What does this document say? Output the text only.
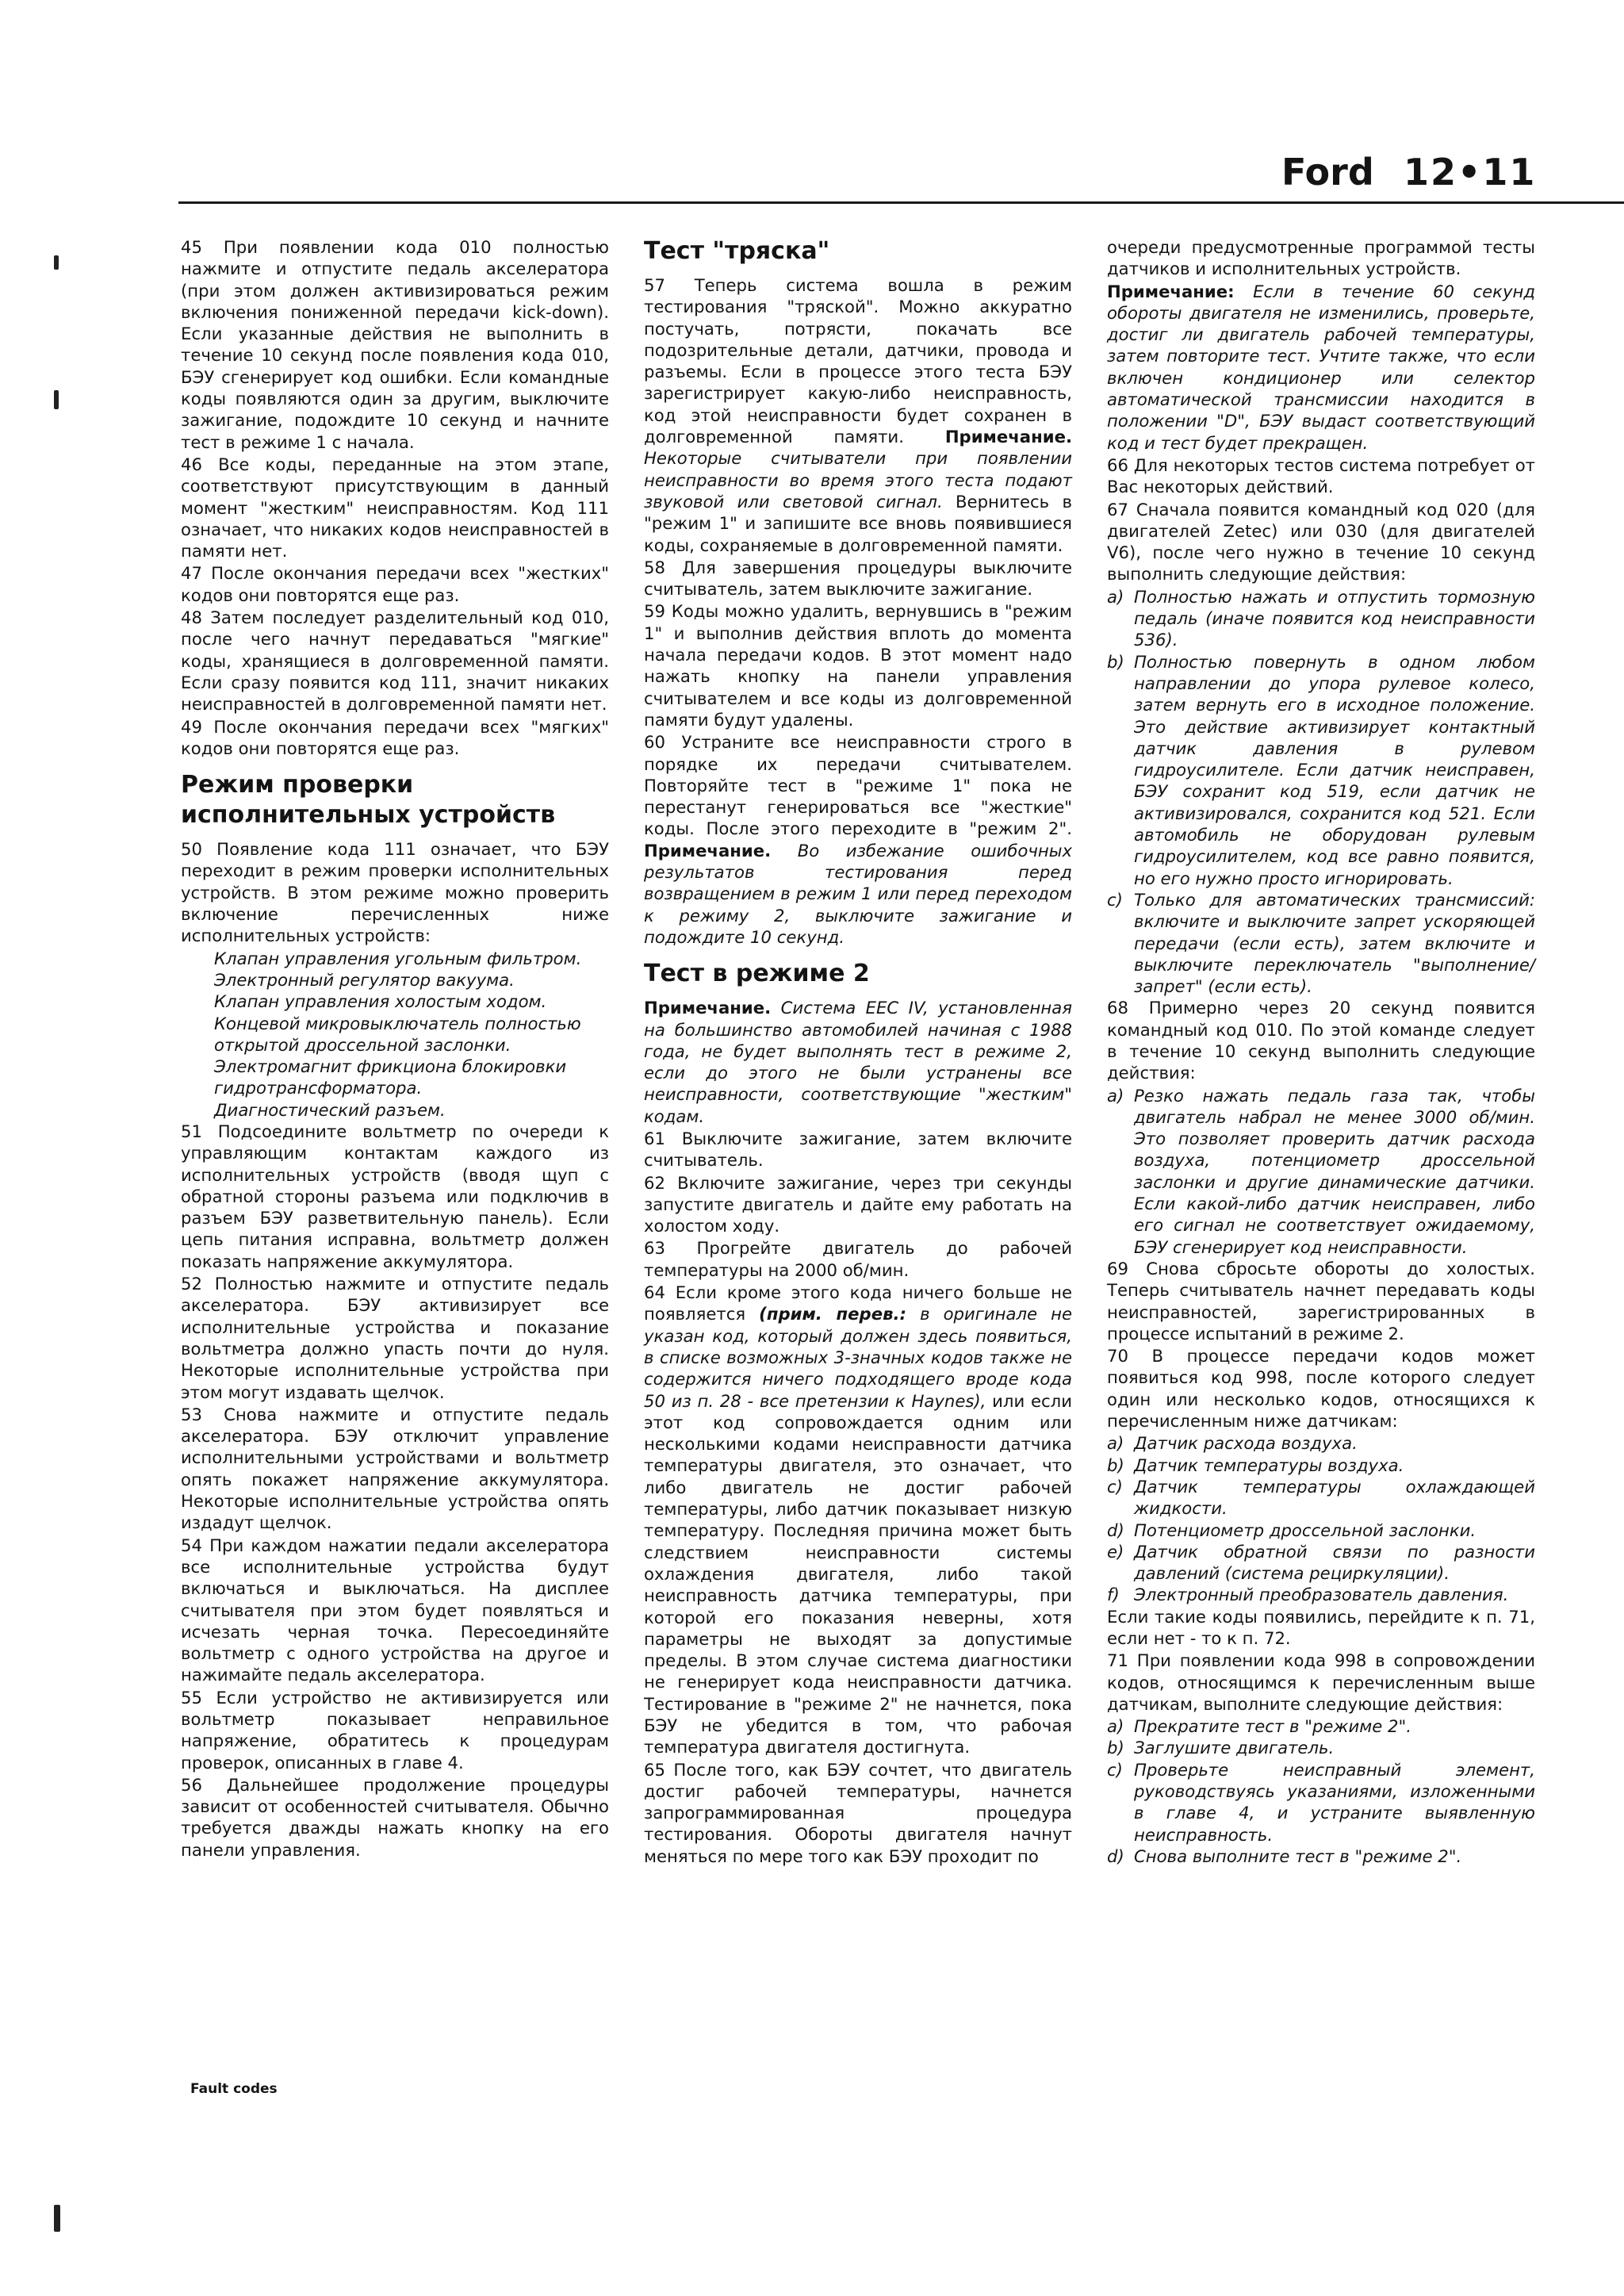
Ford 12•11

45 При появлении кода 010 полностью нажмите и отпустите педаль акселератора (при этом должен активизироваться режим включения пониженной передачи kick-down). Если указанные действия не выполнить в течение 10 секунд после появления кода 010, БЭУ сгенерирует код ошибки. Если командные коды появляются один за другим, выключите зажигание, подождите 10 секунд и начните тест в режиме 1 с начала.

46 Все коды, переданные на этом этапе, соответствуют присутствующим в данный момент "жестким" неисправностям. Код 111 означает, что никаких кодов неисправностей в памяти нет.

47 После окончания передачи всех "жестких" кодов они повторятся еще раз.

48 Затем последует разделительный код 010, после чего начнут передаваться "мягкие" коды, хранящиеся в долговременной памяти. Если сразу появится код 111, значит никаких неисправностей в долговременной памяти нет.

49 После окончания передачи всех "мягких" кодов они повторятся еще раз.

Режим проверки исполнительных устройств

50 Появление кода 111 означает, что БЭУ переходит в режим проверки исполнительных устройств. В этом режиме можно проверить включение перечисленных ниже исполнительных устройств:

Клапан управления угольным фильтром.
Электронный регулятор вакуума.
Клапан управления холостым ходом.
Концевой микровыключатель полностью открытой дроссельной заслонки.
Электромагнит фрикциона блокировки гидротрансформатора.
Диагностический разъем.

51 Подсоедините вольтметр по очереди к управляющим контактам каждого из исполнительных устройств (вводя щуп с обратной стороны разъема или подключив в разъем БЭУ разветвительную панель). Если цепь питания исправна, вольтметр должен показать напряжение аккумулятора.

52 Полностью нажмите и отпустите педаль акселератора. БЭУ активизирует все исполнительные устройства и показание вольтметра должно упасть почти до нуля. Некоторые исполнительные устройства при этом могут издавать щелчок.

53 Снова нажмите и отпустите педаль акселератора. БЭУ отключит управление исполнительными устройствами и вольтметр опять покажет напряжение аккумулятора. Некоторые исполнительные устройства опять издадут щелчок.

54 При каждом нажатии педали акселератора все исполнительные устройства будут включаться и выключаться. На дисплее считывателя при этом будет появляться и исчезать черная точка. Пересоединяйте вольтметр с одного устройства на другое и нажимайте педаль акселератора.

55 Если устройство не активизируется или вольтметр показывает неправильное напряжение, обратитесь к процедурам проверок, описанных в главе 4.

56 Дальнейшее продолжение процедуры зависит от особенностей считывателя. Обычно требуется дважды нажать кнопку на его панели управления.

Тест "тряска"

57 Теперь система вошла в режим тестирования "тряской". Можно аккуратно постучать, потрясти, покачать все подозрительные детали, датчики, провода и разъемы. Если в процессе этого теста БЭУ зарегистрирует какую-либо неисправность, код этой неисправности будет сохранен в долговременной памяти. Примечание. Некоторые считыватели при появлении неисправности во время этого теста подают звуковой или световой сигнал. Вернитесь в "режим 1" и запишите все вновь появившиеся коды, сохраняемые в долговременной памяти.

58 Для завершения процедуры выключите считыватель, затем выключите зажигание.

59 Коды можно удалить, вернувшись в "режим 1" и выполнив действия вплоть до момента начала передачи кодов. В этот момент надо нажать кнопку на панели управления считывателем и все коды из долговременной памяти будут удалены.

60 Устраните все неисправности строго в порядке их передачи считывателем. Повторяйте тест в "режиме 1" пока не перестанут генерироваться все "жесткие" коды. После этого переходите в "режим 2". Примечание. Во избежание ошибочных результатов тестирования перед возвращением в режим 1 или перед переходом к режиму 2, выключите зажигание и подождите 10 секунд.

Тест в режиме 2

Примечание. Система EEC IV, установленная на большинство автомобилей начиная с 1988 года, не будет выполнять тест в режиме 2, если до этого не были устранены все неисправности, соответствующие "жестким" кодам.

61 Выключите зажигание, затем включите считыватель.

62 Включите зажигание, через три секунды запустите двигатель и дайте ему работать на холостом ходу.

63 Прогрейте двигатель до рабочей температуры на 2000 об/мин.

64 Если кроме этого кода ничего больше не появляется (прим. перев.: в оригинале не указан код, который должен здесь появиться, в списке возможных 3-значных кодов также не содержится ничего подходящего вроде кода 50 из п. 28 - все претензии к Haynes), или если этот код сопровождается одним или несколькими кодами неисправности датчика температуры двигателя, это означает, что либо двигатель не достиг рабочей температуры, либо датчик показывает низкую температуру. Последняя причина может быть следствием неисправности системы охлаждения двигателя, либо такой неисправность датчика температуры, при которой его показания неверны, хотя параметры не выходят за допустимые пределы. В этом случае система диагностики не генерирует кода неисправности датчика. Тестирование в "режиме 2" не начнется, пока БЭУ не убедится в том, что рабочая температура двигателя достигнута.

65 После того, как БЭУ сочтет, что двигатель достиг рабочей температуры, начнется запрограммированная процедура тестирования. Обороты двигателя начнут меняться по мере того как БЭУ проходит по

очереди предусмотренные программой тесты датчиков и исполнительных устройств.

Примечание: Если в течение 60 секунд обороты двигателя не изменились, проверьте, достиг ли двигатель рабочей температуры, затем повторите тест. Учтите также, что если включен кондиционер или селектор автоматической трансмиссии находится в положении "D", БЭУ выдаст соответствующий код и тест будет прекращен.

66 Для некоторых тестов система потребует от Вас некоторых действий.

67 Сначала появится командный код 020 (для двигателей Zetec) или 030 (для двигателей V6), после чего нужно в течение 10 секунд выполнить следующие действия:

a) Полностью нажать и отпустить тормозную педаль (иначе появится код неисправности 536).
b) Полностью повернуть в одном любом направлении до упора рулевое колесо, затем вернуть его в исходное положение. Это действие активизирует контактный датчик давления в рулевом гидроусилителе. Если датчик неисправен, БЭУ сохранит код 519, если датчик не активизировался, сохранится код 521. Если автомобиль не оборудован рулевым гидроусилителем, код все равно появится, но его нужно просто игнорировать.
c) Только для автоматических трансмиссий: включите и выключите запрет ускоряющей передачи (если есть), затем включите и выключите переключатель "выполнение/запрет" (если есть).

68 Примерно через 20 секунд появится командный код 010. По этой команде следует в течение 10 секунд выполнить следующие действия:

a) Резко нажать педаль газа так, чтобы двигатель набрал не менее 3000 об/мин. Это позволяет проверить датчик расхода воздуха, потенциометр дроссельной заслонки и другие динамические датчики. Если какой-либо датчик неисправен, либо его сигнал не соответствует ожидаемому, БЭУ сгенерирует код неисправности.

69 Снова сбросьте обороты до холостых. Теперь считыватель начнет передавать коды неисправностей, зарегистрированных в процессе испытаний в режиме 2.

70 В процессе передачи кодов может появиться код 998, после которого следует один или несколько кодов, относящихся к перечисленным ниже датчикам:

a) Датчик расхода воздуха.
b) Датчик температуры воздуха.
c) Датчик температуры охлаждающей жидкости.
d) Потенциометр дроссельной заслонки.
e) Датчик обратной связи по разности давлений (система рециркуляции).
f) Электронный преобразователь давления.

Если такие коды появились, перейдите к п. 71, если нет - то к п. 72.

71 При появлении кода 998 в сопровождении кодов, относящимся к перечисленным выше датчикам, выполните следующие действия:

a) Прекратите тест в "режиме 2".
b) Заглушите двигатель.
c) Проверьте неисправный элемент, руководствуясь указаниями, изложенными в главе 4, и устраните выявленную неисправность.
d) Снова выполните тест в "режиме 2".
Fault codes
